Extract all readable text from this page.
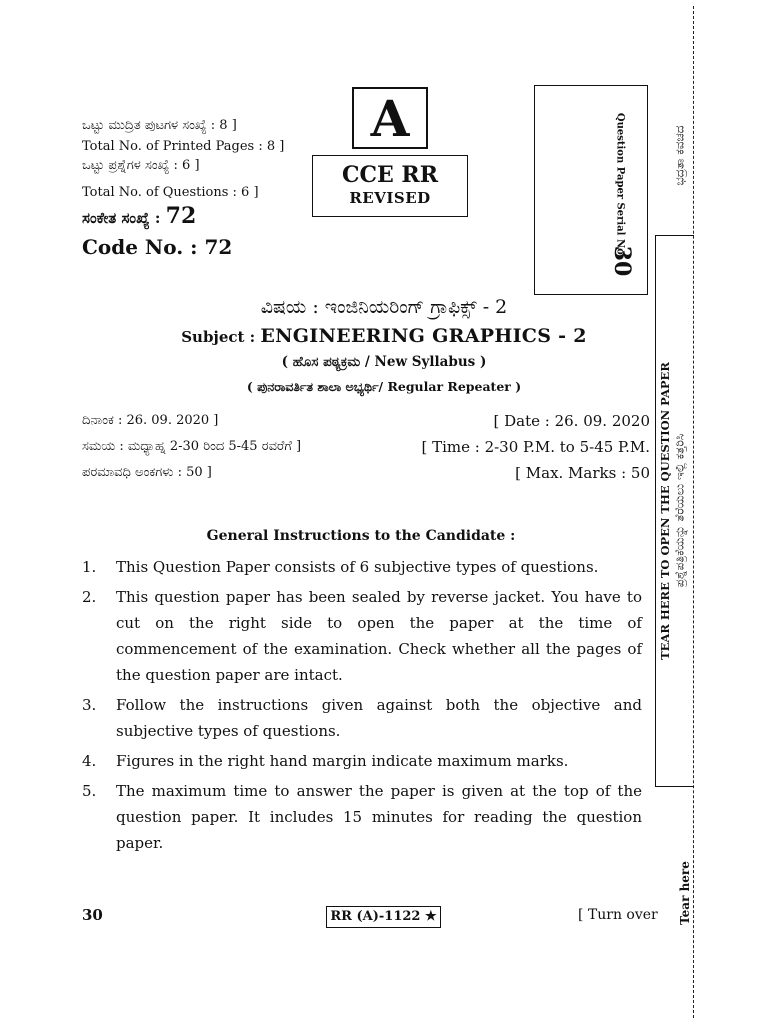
ಒಟ್ಟು ಮುದ್ರಿತ ಪುಟಗಳ ಸಂಖ್ಯೆ : 8 ]
Total No. of Printed Pages : 8 ]
ಒಟ್ಟು ಪ್ರಶ್ನೆಗಳ ಸಂಖ್ಯೆ : 6 ]
Total No. of Questions : 6 ]
ಸಂಕೇತ ಸಂಖ್ಯೆ : 72
Code No. : 72
A
CCE RR
REVISED	Question Paper Serial No.
30
ಭದ್ರತಾ ಕವಚದ
TEAR HERE TO OPEN THE QUESTION PAPER ಪ್ರಶ್ನೆಪತ್ರಿಕೆಯನ್ನು ತೆರೆಯಲು ಇಲ್ಲಿ ಕತ್ತರಿಸಿ
Tear here
ವಿಷಯ : ಇಂಜಿನಿಯರಿಂಗ್ ಗ್ರಾಫಿಕ್ಸ್ - 2
Subject : ENGINEERING GRAPHICS - 2
( ಹೊಸ ಪಠ್ಯಕ್ರಮ / New Syllabus )
( ಪುನರಾವರ್ತಿತ ಶಾಲಾ ಅಭ್ಯರ್ಥಿ/ Regular Repeater )
ದಿನಾಂಕ : 26. 09. 2020 ]	[ Date : 26. 09. 2020
ಸಮಯ : ಮಧ್ಯಾಹ್ನ 2-30 ರಿಂದ 5-45 ರವರೆಗೆ ]	[ Time : 2-30 P.M. to 5-45 P.M.
ಪರಮಾವಧಿ ಅಂಕಗಳು : 50 ]	[ Max. Marks : 50
General Instructions to the Candidate :
1. This Question Paper consists of 6 subjective types of questions.
2. This question paper has been sealed by reverse jacket. You have to cut on the right side to open the paper at the time of commencement of the examination. Check whether all the pages of the question paper are intact.
3. Follow the instructions given against both the objective and subjective types of questions.
4. Figures in the right hand margin indicate maximum marks.
5. The maximum time to answer the paper is given at the top of the question paper. It includes 15 minutes for reading the question paper.
30	RR (A)-1122 ★	[ Turn over
